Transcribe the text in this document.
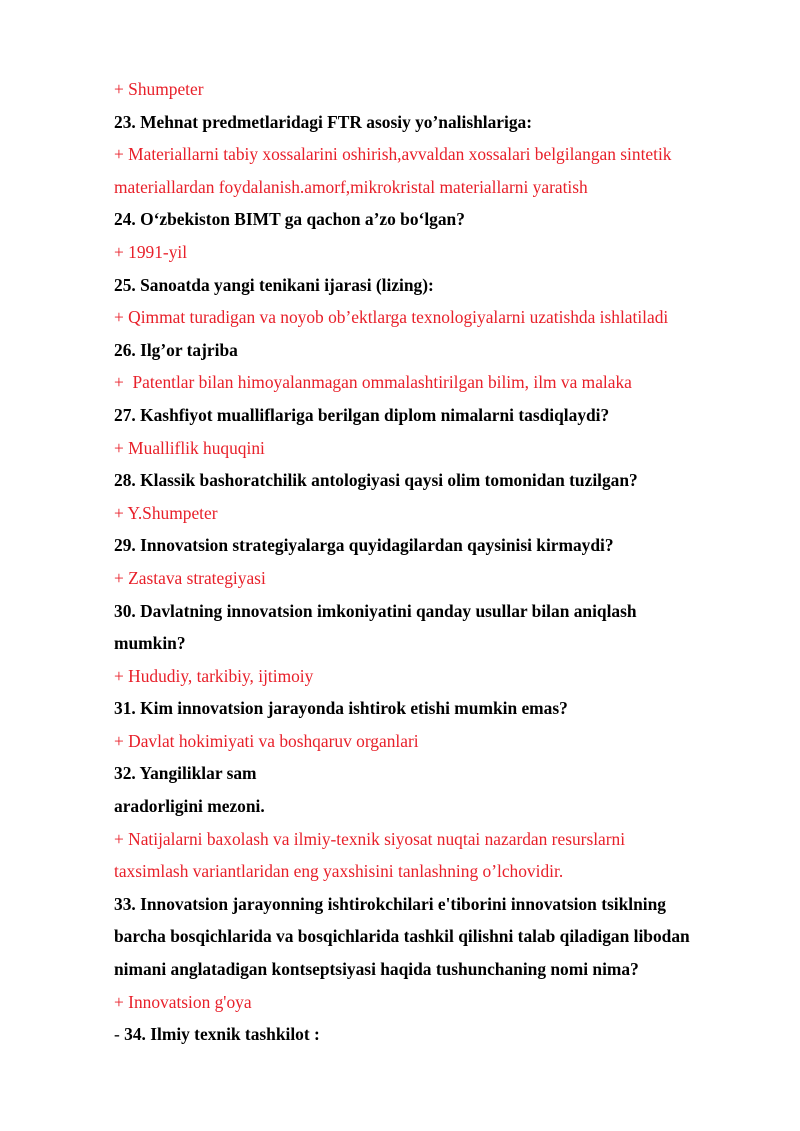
+ Shumpeter

23. Mehnat predmetlaridagi FTR asosiy yo’nalishlariga:

+ Materiallarni tabiy xossalarini oshirish,avvaldan xossalari belgilangan sintetik

materiallardan foydalanish.amorf,mikrokristal materiallarni yaratish

24. O‘zbekiston BIMT ga qachon a’zo bo‘lgan?

+ 1991-yil

25. Sanoatda yangi tenikani ijarasi (lizing):

+ Qimmat turadigan va noyob ob’ektlarga texnologiyalarni uzatishda ishlatiladi

26. Ilg’or tajriba

+  Patentlar bilan himoyalanmagan ommalashtirilgan bilim, ilm va malaka

27. Kashfiyot mualliflariga berilgan diplom nimalarni tasdiqlaydi?

+ Mualliflik huquqini

28. Klassik bashoratchilik antologiyasi qaysi olim tomonidan tuzilgan?

+ Y.Shumpeter

29. Innovatsion strategiyalarga quyidagilardan qaysinisi kirmaydi?

+ Zastava strategiyasi

30. Davlatning innovatsion imkoniyatini qanday usullar bilan aniqlash

mumkin?

+ Hududiy, tarkibiy, ijtimoiy

31. Kim innovatsion jarayonda ishtirok etishi mumkin emas?

+ Davlat hokimiyati va boshqaruv organlari

32. Yangiliklar sam

aradorligini mezoni.

+ Natijalarni baxolash va ilmiy-texnik siyosat nuqtai nazardan resurslarni

taxsimlash variantlaridan eng yaxshisini tanlashning o’lchovidir.

33. Innovatsion jarayonning ishtirokchilari e'tiborini innovatsion tsiklning

barcha bosqichlarida va bosqichlarida tashkil qilishni talab qiladigan libodan

nimani anglatadigan kontseptsiyasi haqida tushunchaning nomi nima?

+ Innovatsion g'oya

- 34. Ilmiy texnik tashkilot :
